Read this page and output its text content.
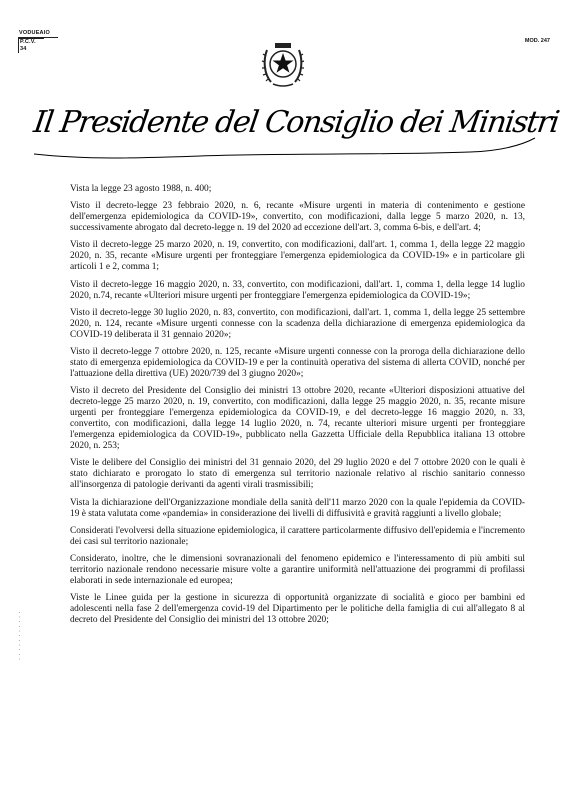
VODUEAIO
P.C.V. 34
MOD. 247
Il Presidente del Consiglio dei Ministri
· · · · · · · · · · ·

Vista la legge 23 agosto 1988, n. 400;

Visto il decreto-legge 23 febbraio 2020, n. 6, recante «Misure urgenti in materia di contenimento e gestione dell'emergenza epidemiologica da COVID-19», convertito, con modificazioni, dalla legge 5 marzo 2020, n. 13, successivamente abrogato dal decreto-legge n. 19 del 2020 ad eccezione dell'art. 3, comma 6-bis, e dell'art. 4;

Visto il decreto-legge 25 marzo 2020, n. 19, convertito, con modificazioni, dall'art. 1, comma 1, della legge 22 maggio 2020, n. 35, recante «Misure urgenti per fronteggiare l'emergenza epidemiologica da COVID-19» e in particolare gli articoli 1 e 2, comma 1;

Visto il decreto-legge 16 maggio 2020, n. 33, convertito, con modificazioni, dall'art. 1, comma 1, della legge 14 luglio 2020, n.74, recante «Ulteriori misure urgenti per fronteggiare l'emergenza epidemiologica da COVID-19»;

Visto il decreto-legge 30 luglio 2020, n. 83, convertito, con modificazioni, dall'art. 1, comma 1, della legge 25 settembre 2020, n. 124, recante «Misure urgenti connesse con la scadenza della dichiarazione di emergenza epidemiologica da COVID-19 deliberata il 31 gennaio 2020»;

Visto il decreto-legge 7 ottobre 2020, n. 125, recante «Misure urgenti connesse con la proroga della dichiarazione dello stato di emergenza epidemiologica da COVID-19 e per la continuità operativa del sistema di allerta COVID, nonché per l'attuazione della direttiva (UE) 2020/739 del 3 giugno 2020»;

Visto il decreto del Presidente del Consiglio dei ministri 13 ottobre 2020, recante «Ulteriori disposizioni attuative del decreto-legge 25 marzo 2020, n. 19, convertito, con modificazioni, dalla legge 25 maggio 2020, n. 35, recante misure urgenti per fronteggiare l'emergenza epidemiologica da COVID-19, e del decreto-legge 16 maggio 2020, n. 33, convertito, con modificazioni, dalla legge 14 luglio 2020, n. 74, recante ulteriori misure urgenti per fronteggiare l'emergenza epidemiologica da COVID-19», pubblicato nella Gazzetta Ufficiale della Repubblica italiana 13 ottobre 2020, n. 253;

Viste le delibere del Consiglio dei ministri del 31 gennaio 2020, del 29 luglio 2020 e del 7 ottobre 2020 con le quali è stato dichiarato e prorogato lo stato di emergenza sul territorio nazionale relativo al rischio sanitario connesso all'insorgenza di patologie derivanti da agenti virali trasmissibili;

Vista la dichiarazione dell'Organizzazione mondiale della sanità dell'11 marzo 2020 con la quale l'epidemia da COVID-19 è stata valutata come «pandemia» in considerazione dei livelli di diffusività e gravità raggiunti a livello globale;

Considerati l'evolversi della situazione epidemiologica, il carattere particolarmente diffusivo dell'epidemia e l'incremento dei casi sul territorio nazionale;

Considerato, inoltre, che le dimensioni sovranazionali del fenomeno epidemico e l'interessamento di più ambiti sul territorio nazionale rendono necessarie misure volte a garantire uniformità nell'attuazione dei programmi di profilassi elaborati in sede internazionale ed europea;

Viste le Linee guida per la gestione in sicurezza di opportunità organizzate di socialità e gioco per bambini ed adolescenti nella fase 2 dell'emergenza covid-19 del Dipartimento per le politiche della famiglia di cui all'allegato 8 al decreto del Presidente del Consiglio dei ministri del 13 ottobre 2020;
